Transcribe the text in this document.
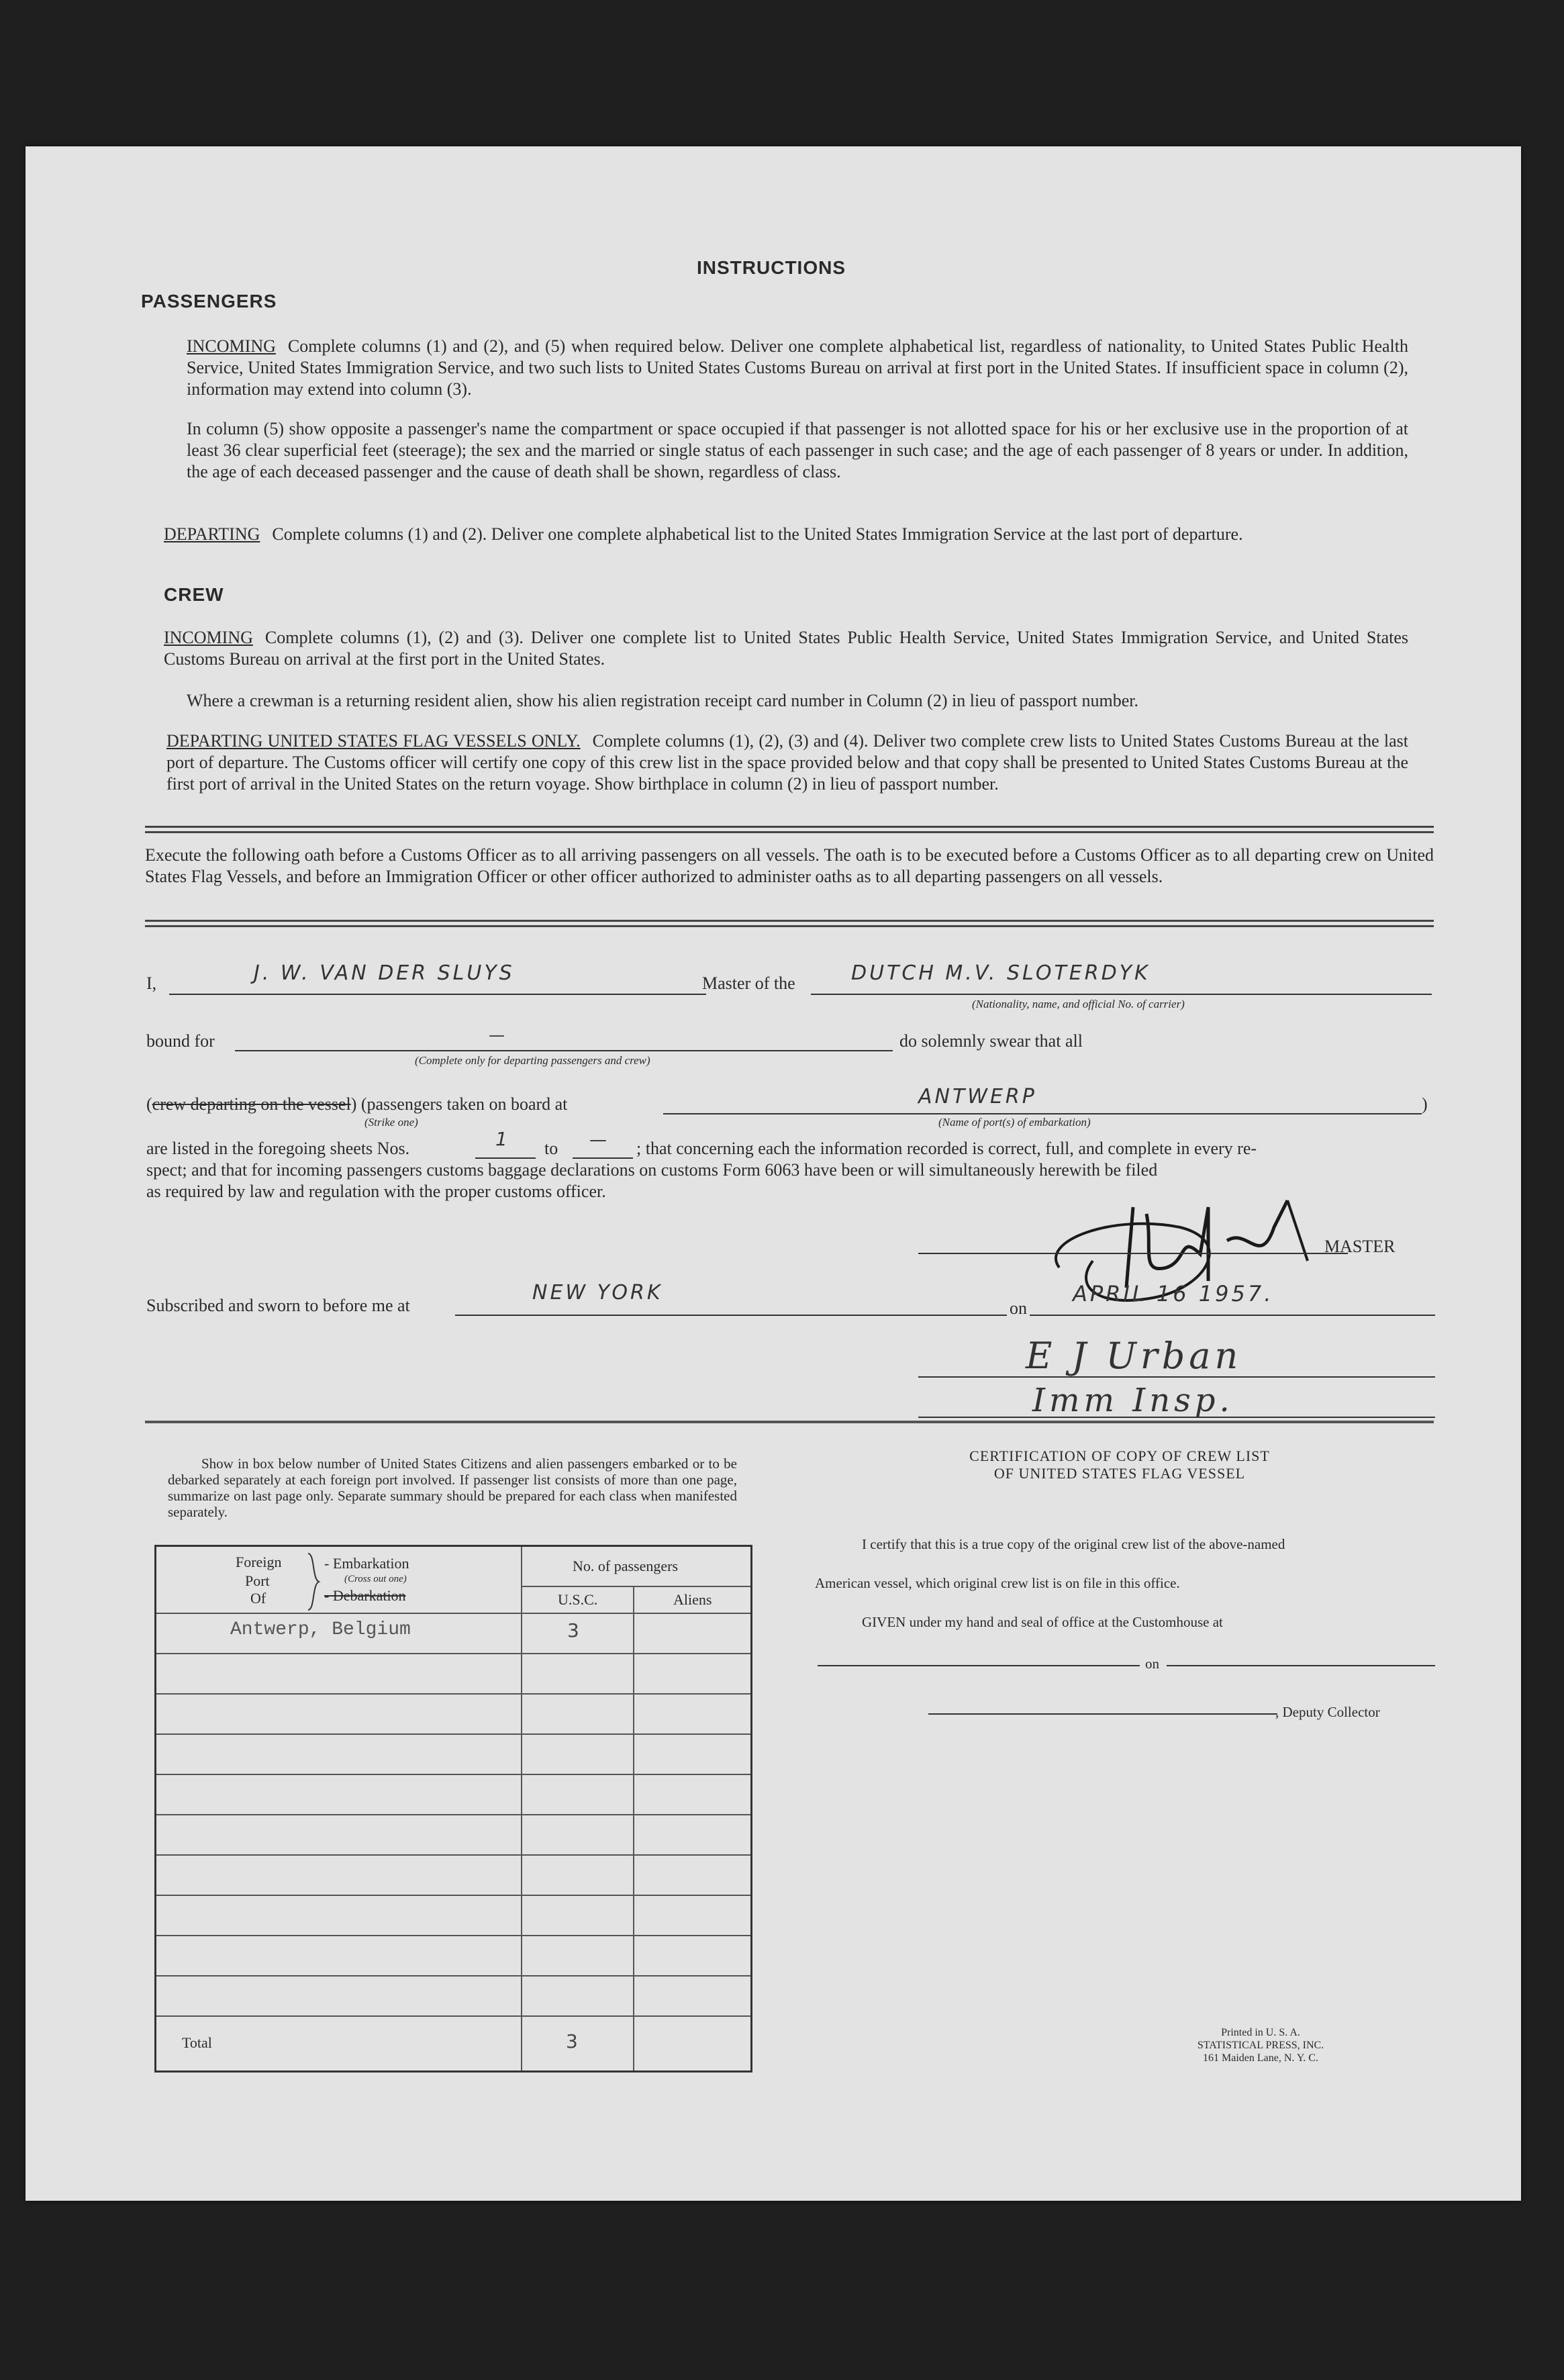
INSTRUCTIONS
PASSENGERS
INCOMING Complete columns (1) and (2), and (5) when required below. Deliver one complete alphabetical list, regardless of nationality, to United States Public Health Service, United States Immigration Service, and two such lists to United States Customs Bureau on arrival at first port in the United States. If insufficient space in column (2), information may extend into column (3).
In column (5) show opposite a passenger's name the compartment or space occupied if that passenger is not allotted space for his or her exclusive use in the proportion of at least 36 clear superficial feet (steerage); the sex and the married or single status of each passenger in such case; and the age of each passenger of 8 years or under. In addition, the age of each deceased passenger and the cause of death shall be shown, regardless of class.
DEPARTING Complete columns (1) and (2). Deliver one complete alphabetical list to the United States Immigration Service at the last port of departure.
CREW
INCOMING Complete columns (1), (2) and (3). Deliver one complete list to United States Public Health Service, United States Immigration Service, and United States Customs Bureau on arrival at the first port in the United States.
Where a crewman is a returning resident alien, show his alien registration receipt card number in Column (2) in lieu of passport number.
DEPARTING UNITED STATES FLAG VESSELS ONLY. Complete columns (1), (2), (3) and (4). Deliver two complete crew lists to United States Customs Bureau at the last port of departure. The Customs officer will certify one copy of this crew list in the space provided below and that copy shall be presented to United States Customs Bureau at the first port of arrival in the United States on the return voyage. Show birthplace in column (2) in lieu of passport number.
Execute the following oath before a Customs Officer as to all arriving passengers on all vessels. The oath is to be executed before a Customs Officer as to all departing crew on United States Flag Vessels, and before an Immigration Officer or other officer authorized to administer oaths as to all departing passengers on all vessels.
I,	J. W. VAN DER SLUYS	Master of the	DUTCH M.V. SLOTERDYK
(Nationality, name, and official No. of carrier)
bound for	—
(Complete only for departing passengers and crew)
do solemnly swear that all
(crew departing on the vessel) (passengers taken on board at
(Strike one)
ANTWERP
(Name of port(s) of embarkation)
)
are listed in the foregoing sheets Nos.	1 to — ; that concerning each the information recorded is correct, full, and complete in every re-
spect; and that for incoming passengers customs baggage declarations on customs Form 6063 have been or will simultaneously herewith be filed
as required by law and regulation with the proper customs officer.
MASTER
Subscribed and sworn to before me at
NEW YORK
on
APRIL 16 1957.
E J Urban
Imm Insp.
Show in box below number of United States Citizens and alien passengers embarked or to be debarked separately at each foreign port involved. If passenger list consists of more than one page, summarize on last page only. Separate summary should be prepared for each class when manifested separately.
Foreign
Port
Of
- Embarkation
(Cross out one)
- Debarkation
No. of passengers
U.S.C.	Aliens
Antwerp, Belgium	3
Total	3
CERTIFICATION OF COPY OF CREW LIST
OF UNITED STATES FLAG VESSEL
I certify that this is a true copy of the original crew list of the above-named
American vessel, which original crew list is on file in this office.
GIVEN under my hand and seal of office at the Customhouse at
on
, Deputy Collector
Printed in U. S. A.
STATISTICAL PRESS, INC.
161 Maiden Lane, N. Y. C.
